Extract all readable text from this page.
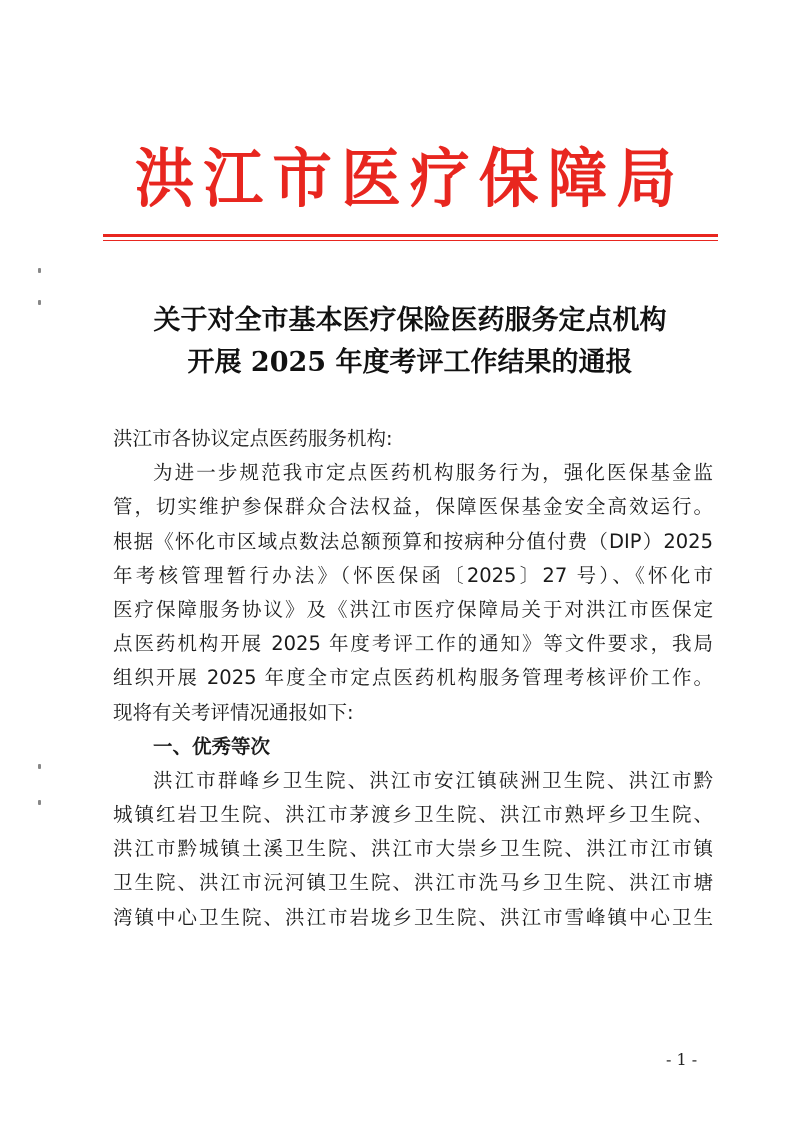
洪江市医疗保障局
关于对全市基本医疗保险医药服务定点机构
开展 2025 年度考评工作结果的通报
洪江市各协议定点医药服务机构:
为进一步规范我市定点医药机构服务行为，强化医保基金监
管，切实维护参保群众合法权益，保障医保基金安全高效运行。
根据《怀化市区域点数法总额预算和按病种分值付费（DIP）2025
年考核管理暂行办法》（怀医保函〔2025〕27 号）、《怀化市
医疗保障服务协议》及《洪江市医疗保障局关于对洪江市医保定
点医药机构开展 2025 年度考评工作的通知》等文件要求，我局
组织开展 2025 年度全市定点医药机构服务管理考核评价工作。
现将有关考评情况通报如下:
一、优秀等次
洪江市群峰乡卫生院、洪江市安江镇硖洲卫生院、洪江市黔
城镇红岩卫生院、洪江市茅渡乡卫生院、洪江市熟坪乡卫生院、
洪江市黔城镇土溪卫生院、洪江市大崇乡卫生院、洪江市江市镇
卫生院、洪江市沅河镇卫生院、洪江市洗马乡卫生院、洪江市塘
湾镇中心卫生院、洪江市岩垅乡卫生院、洪江市雪峰镇中心卫生
- 1 -
